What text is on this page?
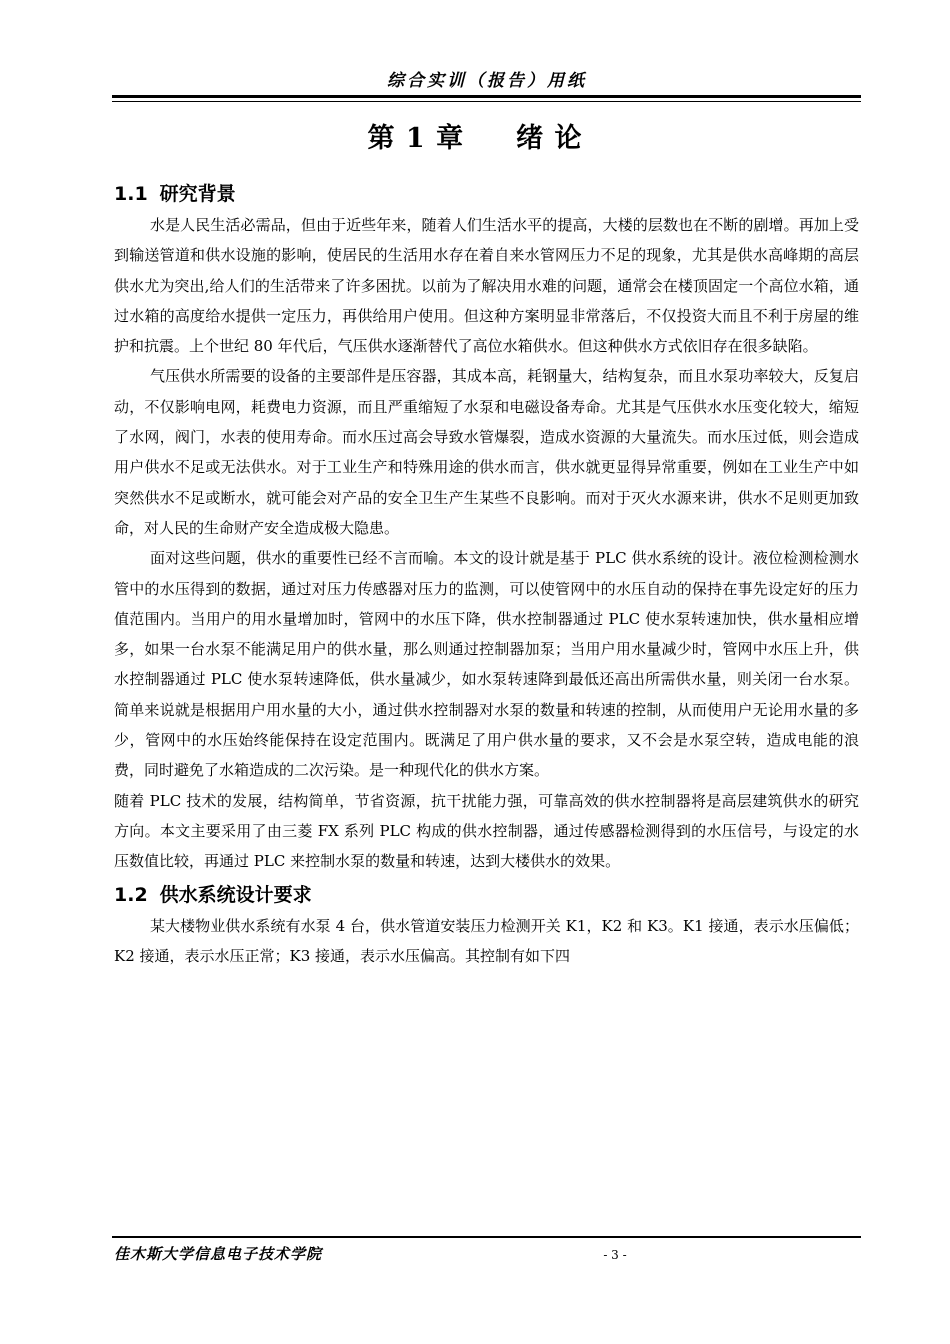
综合实训（报告）用纸
第 1 章 绪 论
1.1 研究背景

水是人民生活必需品，但由于近些年来，随着人们生活水平的提高，大楼的层数也在不断的剧增。再加上受到输送管道和供水设施的影响，使居民的生活用水存在着自来水管网压力不足的现象，尤其是供水高峰期的高层供水尤为突出,给人们的生活带来了许多困扰。以前为了解决用水难的问题，通常会在楼顶固定一个高位水箱，通过水箱的高度给水提供一定压力，再供给用户使用。但这种方案明显非常落后，不仅投资大而且不利于房屋的维护和抗震。上个世纪 80 年代后，气压供水逐渐替代了高位水箱供水。但这种供水方式依旧存在很多缺陷。

气压供水所需要的设备的主要部件是压容器，其成本高，耗钢量大，结构复杂，而且水泵功率较大，反复启动，不仅影响电网，耗费电力资源，而且严重缩短了水泵和电磁设备寿命。尤其是气压供水水压变化较大，缩短了水网，阀门，水表的使用寿命。而水压过高会导致水管爆裂，造成水资源的大量流失。而水压过低，则会造成用户供水不足或无法供水。对于工业生产和特殊用途的供水而言，供水就更显得异常重要，例如在工业生产中如突然供水不足或断水，就可能会对产品的安全卫生产生某些不良影响。而对于灭火水源来讲，供水不足则更加致命，对人民的生命财产安全造成极大隐患。

面对这些问题，供水的重要性已经不言而喻。本文的设计就是基于 PLC 供水系统的设计。液位检测检测水管中的水压得到的数据，通过对压力传感器对压力的监测，可以使管网中的水压自动的保持在事先设定好的压力值范围内。当用户的用水量增加时，管网中的水压下降，供水控制器通过 PLC 使水泵转速加快，供水量相应增多，如果一台水泵不能满足用户的供水量，那么则通过控制器加泵；当用户用水量减少时，管网中水压上升，供水控制器通过 PLC 使水泵转速降低，供水量减少，如水泵转速降到最低还高出所需供水量，则关闭一台水泵。简单来说就是根据用户用水量的大小，通过供水控制器对水泵的数量和转速的控制，从而使用户无论用水量的多少，管网中的水压始终能保持在设定范围内。既满足了用户供水量的要求，又不会是水泵空转，造成电能的浪费，同时避免了水箱造成的二次污染。是一种现代化的供水方案。

随着 PLC 技术的发展，结构简单，节省资源，抗干扰能力强，可靠高效的供水控制器将是高层建筑供水的研究方向。本文主要采用了由三菱 FX 系列 PLC 构成的供水控制器，通过传感器检测得到的水压信号，与设定的水压数值比较，再通过 PLC 来控制水泵的数量和转速，达到大楼供水的效果。

1.2 供水系统设计要求

某大楼物业供水系统有水泵 4 台，供水管道安装压力检测开关 K1，K2 和 K3。K1 接通，表示水压偏低；K2 接通，表示水压正常；K3 接通，表示水压偏高。其控制有如下四

佳木斯大学信息电子技术学院	- 3 -
